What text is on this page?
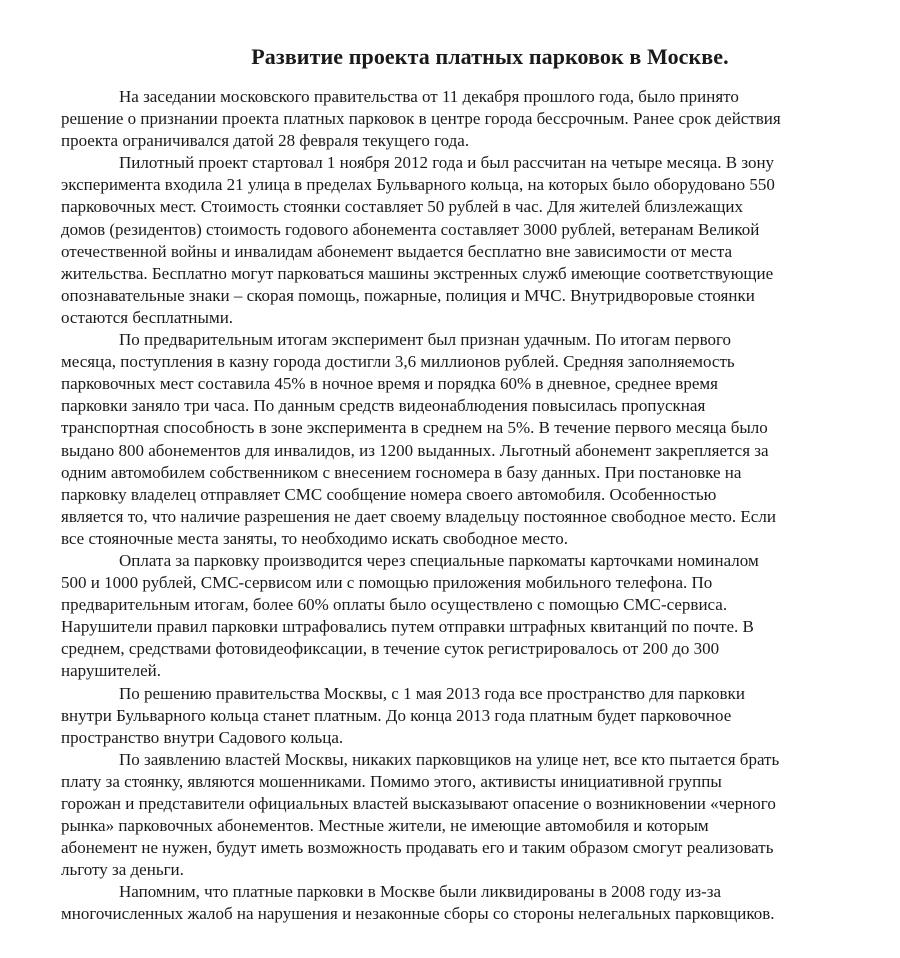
Развитие проекта платных парковок в Москве.
На заседании московского правительства от 11 декабря прошлого года, было принято
решение о признании проекта платных парковок в центре города бессрочным. Ранее срок действия
проекта ограничивался датой 28 февраля текущего года.
Пилотный проект стартовал 1 ноября 2012 года и был рассчитан на четыре месяца. В зону
эксперимента входила 21 улица в пределах Бульварного кольца, на которых было оборудовано 550
парковочных мест. Стоимость стоянки составляет 50 рублей в час. Для жителей близлежащих
домов (резидентов) стоимость годового абонемента составляет 3000 рублей, ветеранам Великой
отечественной войны и инвалидам абонемент выдается бесплатно вне зависимости от места
жительства. Бесплатно могут парковаться машины экстренных служб имеющие соответствующие
опознавательные знаки – скорая помощь, пожарные, полиция и МЧС. Внутридворовые стоянки
остаются бесплатными.
По предварительным итогам эксперимент был признан удачным. По итогам первого
месяца, поступления в казну города достигли 3,6 миллионов рублей. Средняя заполняемость
парковочных мест составила 45% в ночное время и порядка 60% в дневное, среднее время
парковки заняло три часа. По данным средств видеонаблюдения повысилась пропускная
транспортная способность в зоне эксперимента в среднем на 5%. В течение первого месяца было
выдано 800 абонементов для инвалидов, из 1200 выданных. Льготный абонемент закрепляется за
одним автомобилем собственником с внесением госномера в базу данных. При постановке на
парковку владелец отправляет СМС сообщение номера своего автомобиля. Особенностью
является то, что наличие разрешения не дает своему владельцу постоянное свободное место. Если
все стояночные места заняты, то необходимо искать свободное место.
Оплата за парковку производится через специальные паркоматы карточками номиналом
500 и 1000 рублей, СМС-сервисом или с помощью приложения мобильного телефона. По
предварительным итогам, более 60% оплаты было осуществлено с помощью СМС-сервиса.
Нарушители правил парковки штрафовались путем отправки штрафных квитанций по почте. В
среднем, средствами фотовидеофиксации, в течение суток регистрировалось от 200 до 300
нарушителей.
По решению правительства Москвы, с 1 мая 2013 года все пространство для парковки
внутри Бульварного кольца станет платным. До конца 2013 года платным будет парковочное
пространство внутри Садового кольца.
По заявлению властей Москвы, никаких парковщиков на улице нет, все кто пытается брать
плату за стоянку, являются мошенниками. Помимо этого, активисты инициативной группы
горожан и представители официальных властей высказывают опасение о возникновении «черного
рынка» парковочных абонементов. Местные жители, не имеющие автомобиля и которым
абонемент не нужен, будут иметь возможность продавать его и таким образом смогут реализовать
льготу за деньги.
Напомним, что платные парковки в Москве были ликвидированы в 2008 году из-за
многочисленных жалоб на нарушения и незаконные сборы со стороны нелегальных парковщиков.
